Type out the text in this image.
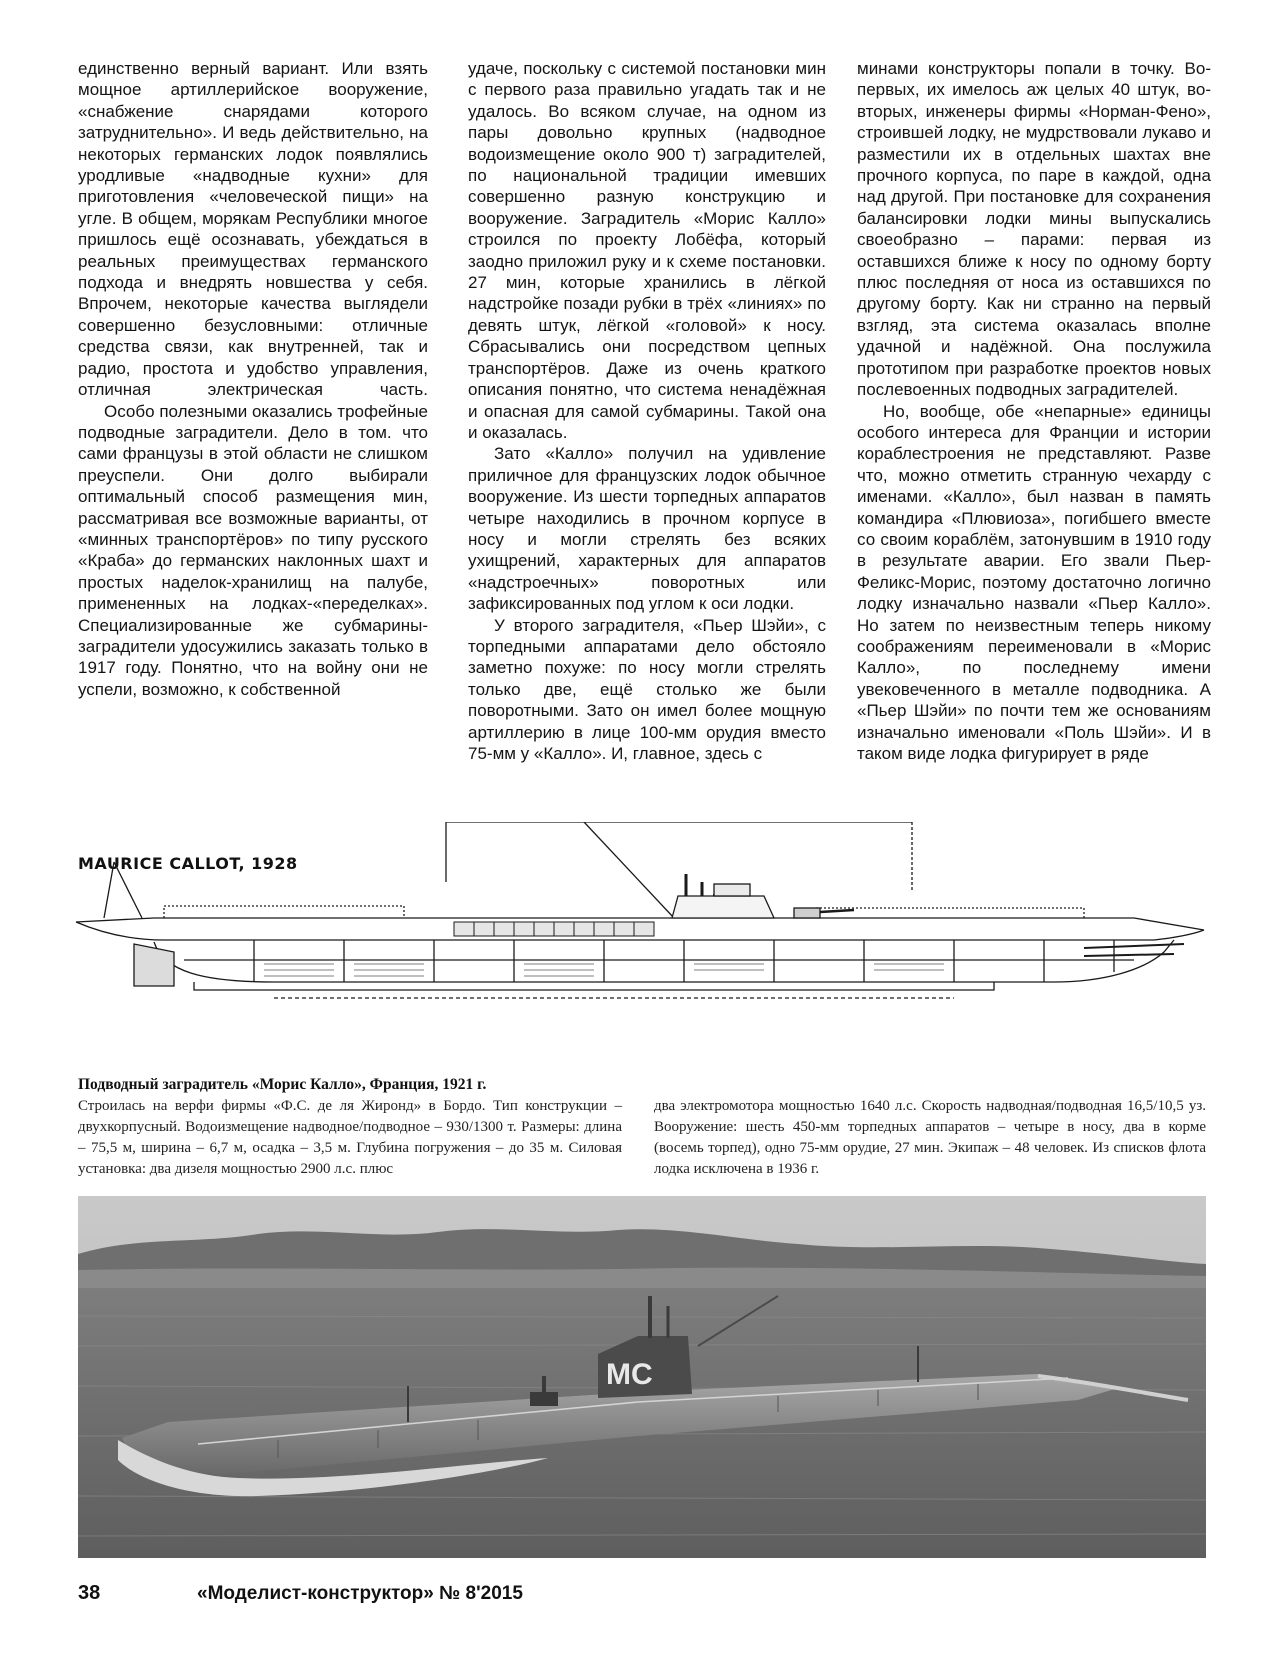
единственно верный вариант. Или взять мощное артиллерийское вооружение, «снабжение снарядами которого затруднительно». И ведь действительно, на некоторых германских лодок появлялись уродливые «надводные кухни» для приготовления «человеческой пищи» на угле. В общем, морякам Республики многое пришлось ещё осознавать, убеждаться в реальных преимуществах германского подхода и внедрять новшества у себя. Впрочем, некоторые качества выглядели совершенно безусловными: отличные средства связи, как внутренней, так и радио, простота и удобство управления, отличная электрическая часть.

Особо полезными оказались трофейные подводные заградители. Дело в том. что сами французы в этой области не слишком преуспели. Они долго выбирали оптимальный способ размещения мин, рассматривая все возможные варианты, от «минных транспортёров» по типу русского «Краба» до германских наклонных шахт и простых наделок-хранилищ на палубе, примененных на лодках-«переделках». Специализированные же субмарины-заградители удосужились заказать только в 1917 году. Понятно, что на войну они не успели, возможно, к собственной

удаче, поскольку с системой постановки мин с первого раза правильно угадать так и не удалось. Во всяком случае, на одном из пары довольно крупных (надводное водоизмещение около 900 т) заградителей, по национальной традиции имевших совершенно разную конструкцию и вооружение. Заградитель «Морис Калло» строился по проекту Лобёфа, который заодно приложил руку и к схеме постановки. 27 мин, которые хранились в лёгкой надстройке позади рубки в трёх «линиях» по девять штук, лёгкой «головой» к носу. Сбрасывались они посредством цепных транспортёров. Даже из очень краткого описания понятно, что система ненадёжная и опасная для самой субмарины. Такой она и оказалась.

Зато «Калло» получил на удивление приличное для французских лодок обычное вооружение. Из шести торпедных аппаратов четыре находились в прочном корпусе в носу и могли стрелять без всяких ухищрений, характерных для аппаратов «надстроечных» поворотных или зафиксированных под углом к оси лодки.

У второго заградителя, «Пьер Шэйи», с торпедными аппаратами дело обстояло заметно похуже: по носу могли стрелять только две, ещё столько же были поворотными. Зато он имел более мощную артиллерию в лице 100-мм орудия вместо 75-мм у «Калло». И, главное, здесь с

минами конструкторы попали в точку. Во-первых, их имелось аж целых 40 штук, во-вторых, инженеры фирмы «Норман-Фено», строившей лодку, не мудрствовали лукаво и разместили их в отдельных шахтах вне прочного корпуса, по паре в каждой, одна над другой. При постановке для сохранения балансировки лодки мины выпускались своеобразно – парами: первая из оставшихся ближе к носу по одному борту плюс последняя от носа из оставшихся по другому борту. Как ни странно на первый взгляд, эта система оказалась вполне удачной и надёжной. Она послужила прототипом при разработке проектов новых послевоенных подводных заградителей.

Но, вообще, обе «непарные» единицы особого интереса для Франции и истории кораблестроения не представляют. Разве что, можно отметить странную чехарду с именами. «Калло», был назван в память командира «Плювиоза», погибшего вместе со своим кораблём, затонувшим в 1910 году в результате аварии. Его звали Пьер-Феликс-Морис, поэтому достаточно логично лодку изначально назвали «Пьер Калло». Но затем по неизвестным теперь никому соображениям переименовали в «Морис Калло», по последнему имени увековеченного в металле подводника. А «Пьер Шэйи» по почти тем же основаниям изначально именовали «Поль Шэйи». И в таком виде лодка фигурирует в ряде

MAURICE CALLOT, 1928
Подводный заградитель «Морис Калло», Франция, 1921 г.
Строилась на верфи фирмы «Ф.С. де ля Жиронд» в Бордо. Тип конструкции – двухкорпусный. Водоизмещение надводное/подводное – 930/1300 т. Размеры: длина – 75,5 м, ширина – 6,7 м, осадка – 3,5 м. Глубина погружения – до 35 м. Силовая установка: два дизеля мощностью 2900 л.с. плюс
два электромотора мощностью 1640 л.с. Скорость надводная/подводная 16,5/10,5 уз. Вооружение: шесть 450-мм торпедных аппаратов – четыре в носу, два в корме (восемь торпед), одно 75-мм орудие, 27 мин. Экипаж – 48 человек. Из списков флота лодка исключена в 1936 г.
MC
38	«Моделист-конструктор» № 8'2015
